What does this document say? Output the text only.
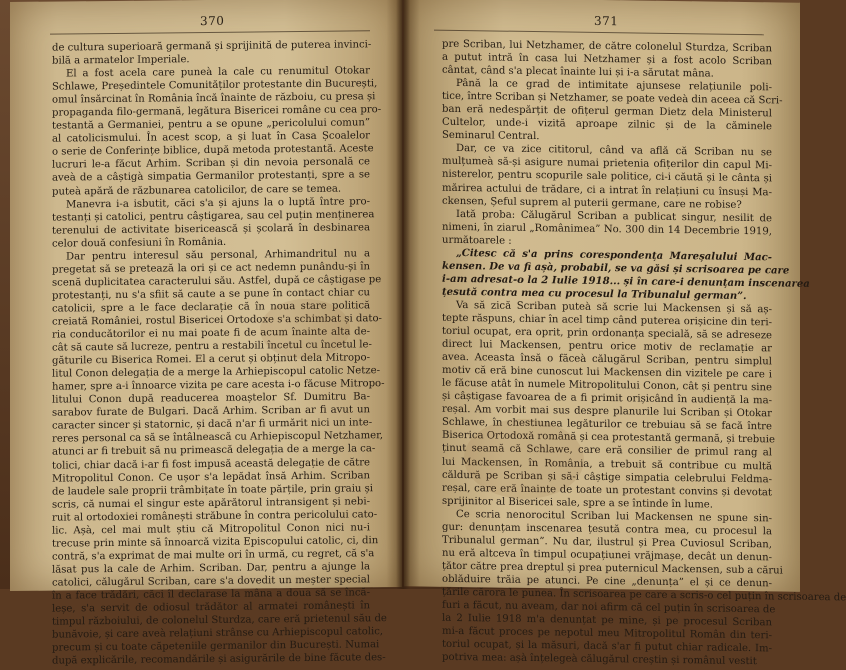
370
de cultura superioară germană și sprijinită de puterea invinci-
bilă a armatelor Imperiale.
El a fost acela care puneà la cale cu renumitul Otokar
Schlawe, Președintele Comunităților protestante din București,
omul însărcinat în România încă înainte de războiu, cu presa și
propaganda filo-germană, legătura Bisericei române cu cea pro-
testantă a Germaniei, pentru a se opune „pericolului comun”
al catolicismului. În acest scop, a și luat în Casa Școalelor
o serie de Conferințe biblice, după metoda protestantă. Aceste
lucruri le-a făcut Arhim. Scriban și din nevoia personală ce
aveà de a câștigà simpatia Germanilor protestanți, spre a se
puteà apără de răzbunarea catolicilor, de care se temea.
Manevra i-a isbutit, căci s'a și ajuns la o luptă între pro-
testanți și catolici, pentru câștigarea, sau cel puțin menținerea
terenului de activitate bisericească și școlară în desbinarea
celor două confesiuni în România.
Dar pentru interesul său personal, Arhimandritul nu a
pregetat să se pretează la ori și ce act nedemn punându-și în
scenă duplicitatea caracterului său. Astfel, după ce câștigase pe
protestanți, nu s'a sfiit să caute a se pune în contact chiar cu
catolicii, spre a le face declarație că în noua stare politică
creiată României, rostul Bisericei Ortodoxe s'a schimbat și dato-
ria conducătorilor ei nu mai poate fi de acum înainte alta de-
cât să caute să lucreze, pentru a restabili încetul cu încetul le-
găturile cu Biserica Romei. El a cerut și obținut dela Mitropo-
litul Conon delegația de a merge la Arhiepiscopul catolic Netze-
hamer, spre a-i înnoarce vizita pe care acesta i-o făcuse Mitropo-
litului Conon după readucerea moaștelor Sf. Dumitru Ba-
sarabov furate de Bulgari. Dacă Arhim. Scriban ar fi avut un
caracter sincer și statornic, și dacă n'ar fi urmărit nici un inte-
reres personal ca să se întâlnească cu Arhiepiscopul Netzhamer,
atunci ar fi trebuit să nu primească delegația de a merge la ca-
tolici, chiar dacă i-ar fi fost impusă această delegație de către
Mitropolitul Conon. Ce ușor s'a lepădat însă Arhim. Scriban
de laudele sale proprii trâmbițate în toate părțile, prin graiu și
scris, că numai el singur este apărătorul intransigent și nebi-
ruit al ortodoxiei românești străbune în contra pericolului cato-
lic. Așà, cel mai mult știu că Mitropolitul Conon nici nu-i
trecuse prin minte să înnoarcă vizita Episcopului catolic, ci, din
contră, s'a exprimat de mai multe ori în urmă, cu regret, că s'a
lăsat pus la cale de Arhim. Scriban. Dar, pentru a ajunge la
catolici, călugărul Scriban, care s'a dovedit un meșter special
în a face trădări, căci îl declarase la mâna a doua să se încă-
leșe, s'a servit de odiosul trădător al armatei românești în
timpul războiului, de colonelul Sturdza, care eră prietenul său de
bunăvoie, și care aveà relațiuni strânse cu Arhiepiscopul catolic,
precum și cu toate căpeteniile germanilor din București. Numai
după explicările, recomandările și asigurările de bine făcute des-
371
pre Scriban, lui Netzhamer, de către colonelul Sturdza, Scriban
a putut intră în casa lui Netzhamer și a fost acolo Scriban
cântat, când s'a plecat înainte lui și i-a sărutat mâna.
Până la ce grad de intimitate ajunsese relațiunile poli-
tice, între Scriban și Netzhamer, se poate vedeà din aceea că Scri-
ban eră nedespărțit de ofițerul german Dietz dela Ministerul
Cultelor, unde-i vizită aproape zilnic și de la căminele
Seminarul Central.
Dar, ce va zice cititorul, când va află că Scriban nu se
mulțumeà să-și asigure numai prietenia ofițerilor din capul Mi-
nisterelor, pentru scopurile sale politice, ci-i căută și le cânta și
mărirea actului de trădare, ci a intrat în relațiuni cu însuși Ma-
ckensen, Șeful suprem al puterii germane, care ne robise?
Iată proba: Călugărul Scriban a publicat singur, nesilit de
nimeni, în ziarul „Românimea” No. 300 din 14 Decembrie 1919,
următoarele :
„Citesc că s'a prins corespondența Mareșalului Mac-
kensen. De va fi așà, probabil, se va găsi și scrisoarea pe care
i-am adresat-o la 2 Iulie 1918... și în care-i denunțam inscenarea
țesută contra mea cu procesul la Tribunalul german”.
Va să zică Scriban puteà să scrie lui Mackensen și să aș-
tepte răspuns, chiar în acel timp când puterea orișicine din teri-
toriul ocupat, era oprit, prin ordonanța specială, să se adreseze
direct lui Mackensen, pentru orice motiv de reclamație ar
avea. Aceasta însă o făceà călugărul Scriban, pentru simplul
motiv că eră bine cunoscut lui Mackensen din vizitele pe care i
le făcuse atât în numele Mitropolitului Conon, cât și pentru sine
și câștigase favoarea de a fi primit orișicând în audiență la ma-
reșal. Am vorbit mai sus despre planurile lui Scriban și Otokar
Schlawe, în chestiunea legăturilor ce trebuiau să se facă între
Biserica Ortodoxă română și cea protestantă germană, și trebuie
ținut seamă că Schlawe, care eră consilier de primul rang al
lui Mackensen, în România, a trebuit să contribue cu multă
căldură pe Scriban și să-i câștige simpatia celebrului Feldma-
reșal, care eră înainte de toate un protestant convins și devotat
sprijinitor al Bisericei sale, spre a se întinde în lume.
Ce scria nenorocitul Scriban lui Mackensen ne spune sin-
gur: denunțam inscenarea țesută contra mea, cu procesul la
Tribunalul german”. Nu dar, ilustrul și Prea Cuviosul Scriban,
nu eră altceva în timpul ocupațiunei vrăjmașe, decât un denun-
țător către prea dreptul și prea puternicul Mackensen, sub a cărui
oblăduire trăia pe atunci. Pe cine „denunța” el și ce denun-
țările cărora le punea. În scrisoarea pe care a scris-o cel puțin în scrisoarea de
furi a făcut, nu aveam, dar noi afirm că cel puțin în scrisoarea de
la 2 Iulie 1918 m'a denunțat pe mine, și pe procesul Scriban
mi-a făcut proces pe nepotul meu Mitropolitul Român din teri-
toriul ocupat, și la măsuri, dacă s'ar fi putut chiar radicale. Im-
potriva mea: așà înțelegeà călugărul creștin și românul vestit
